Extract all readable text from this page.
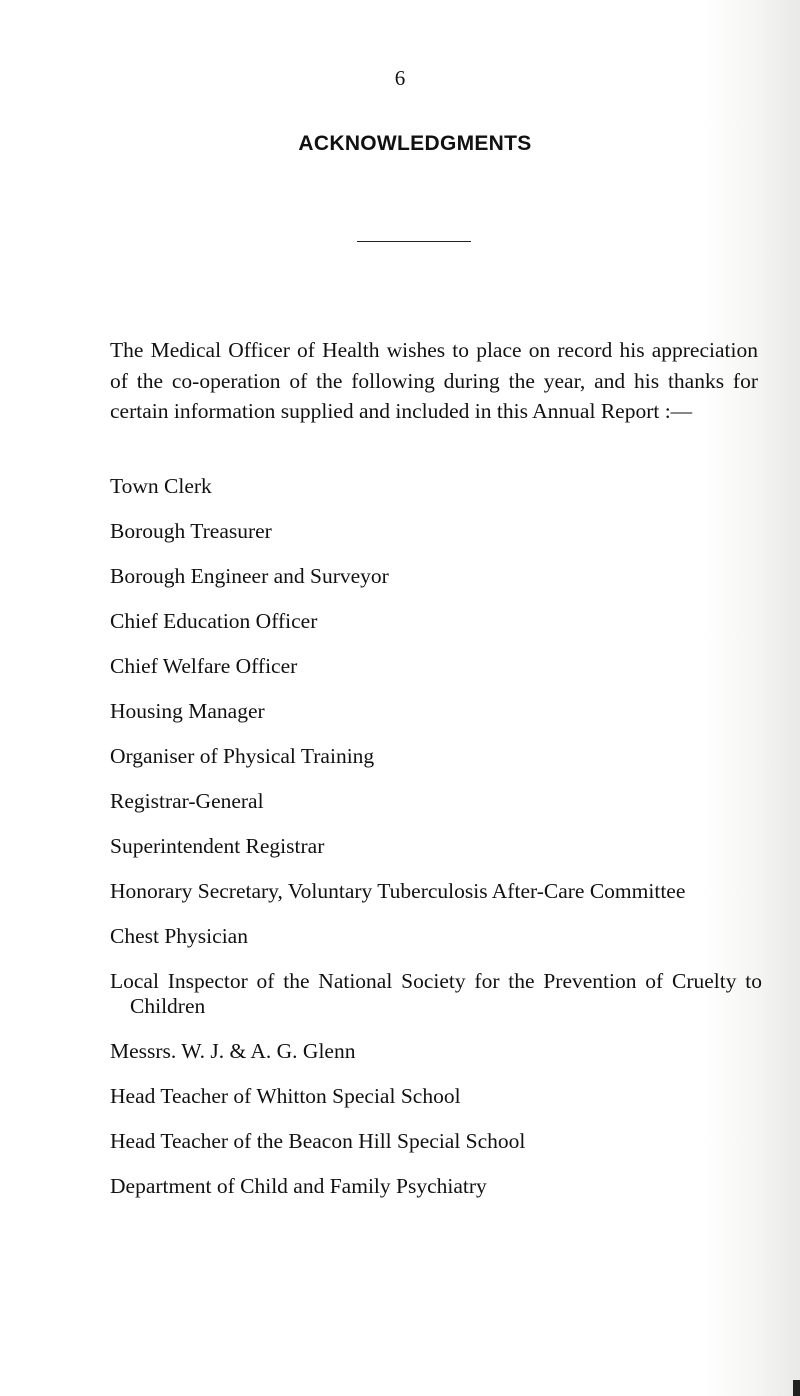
6
ACKNOWLEDGMENTS

The Medical Officer of Health wishes to place on record his appreciation of the co-operation of the following during the year, and his thanks for certain information supplied and included in this Annual Report :—

Town Clerk
Borough Treasurer
Borough Engineer and Surveyor
Chief Education Officer
Chief Welfare Officer
Housing Manager
Organiser of Physical Training
Registrar-General
Superintendent Registrar
Honorary Secretary, Voluntary Tuberculosis After-Care Committee
Chest Physician
Local Inspector of the National Society for the Prevention of Cruelty to Children
Messrs. W. J. & A. G. Glenn
Head Teacher of Whitton Special School
Head Teacher of the Beacon Hill Special School
Department of Child and Family Psychiatry
